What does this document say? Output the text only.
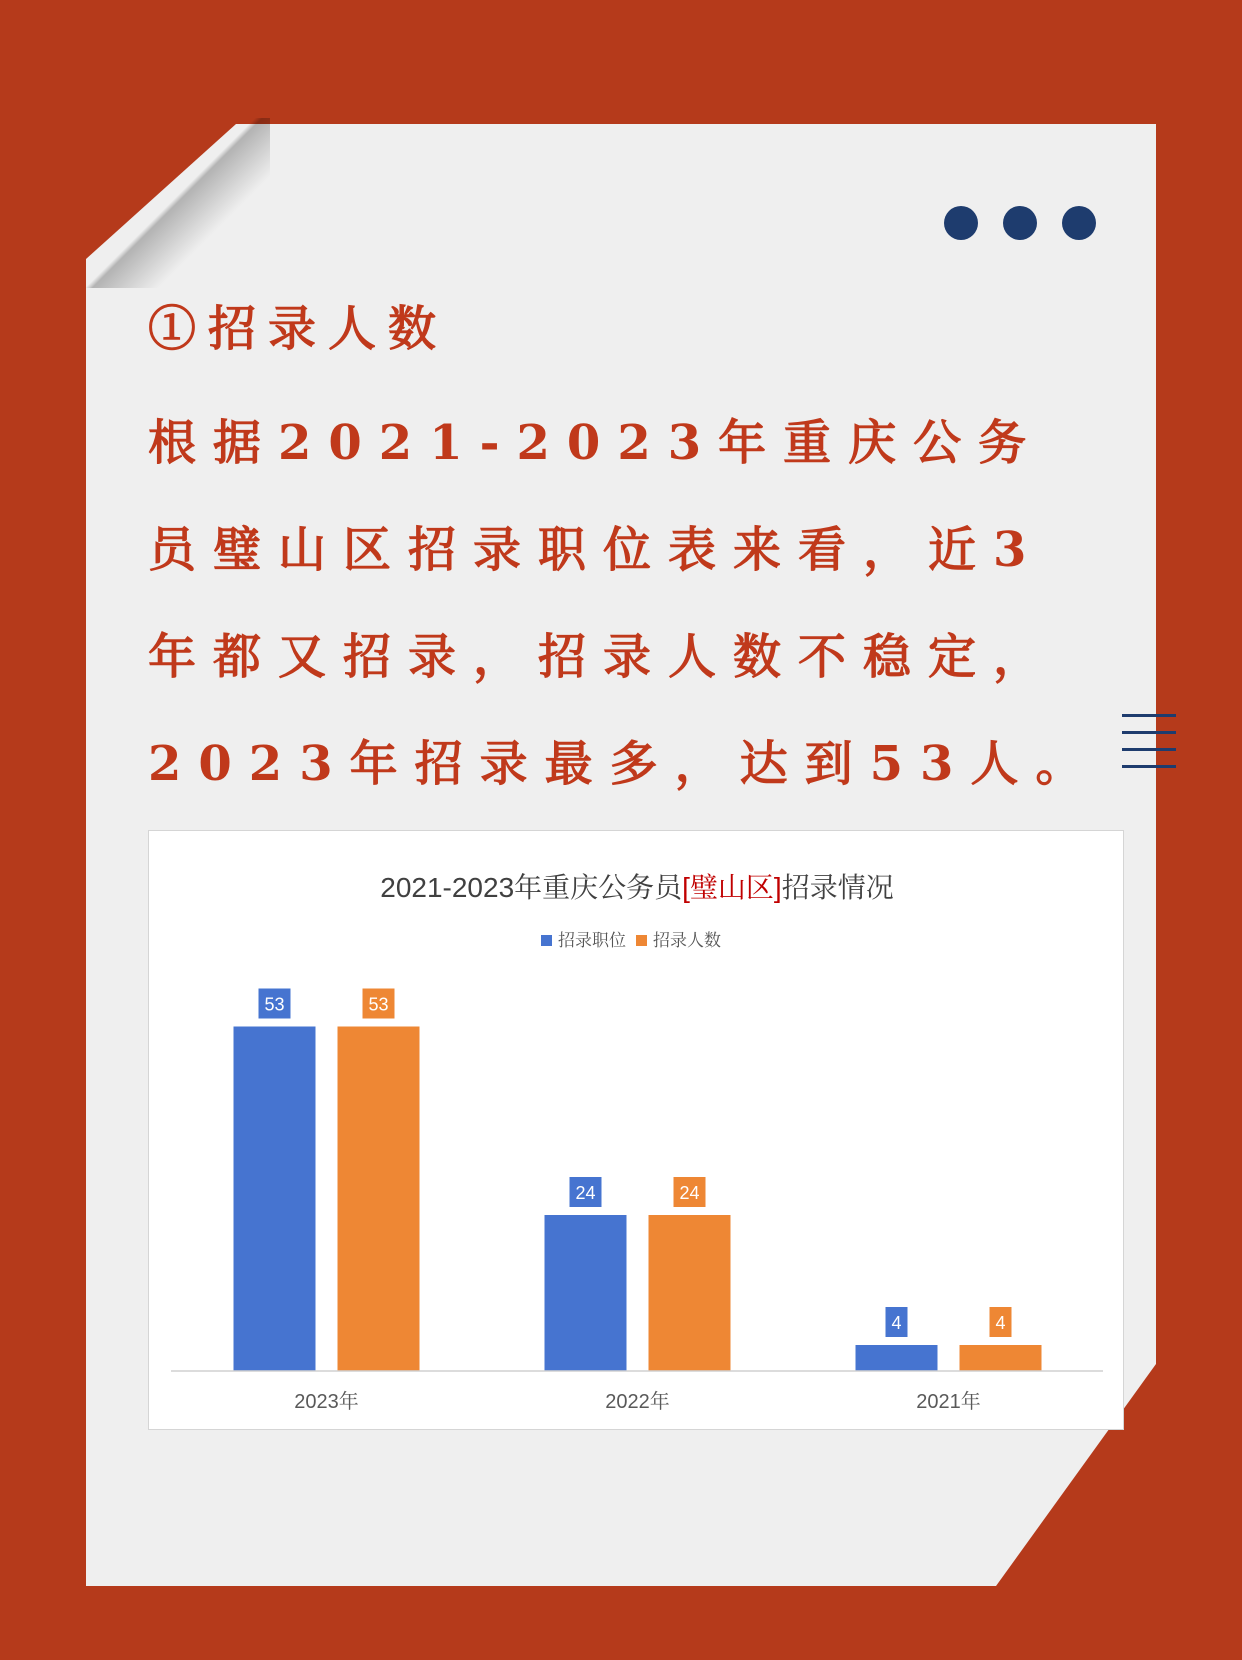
①招录人数
根据2021-2023年重庆公务员璧山区招录职位表来看，近3年都又招录，招录人数不稳定，2023年招录最多，达到53人。
2021-2023年重庆公务员[璧山区]招录情况
招录职位 招录人数
53	53
24	24
4	4
2023年	2022年	2021年
